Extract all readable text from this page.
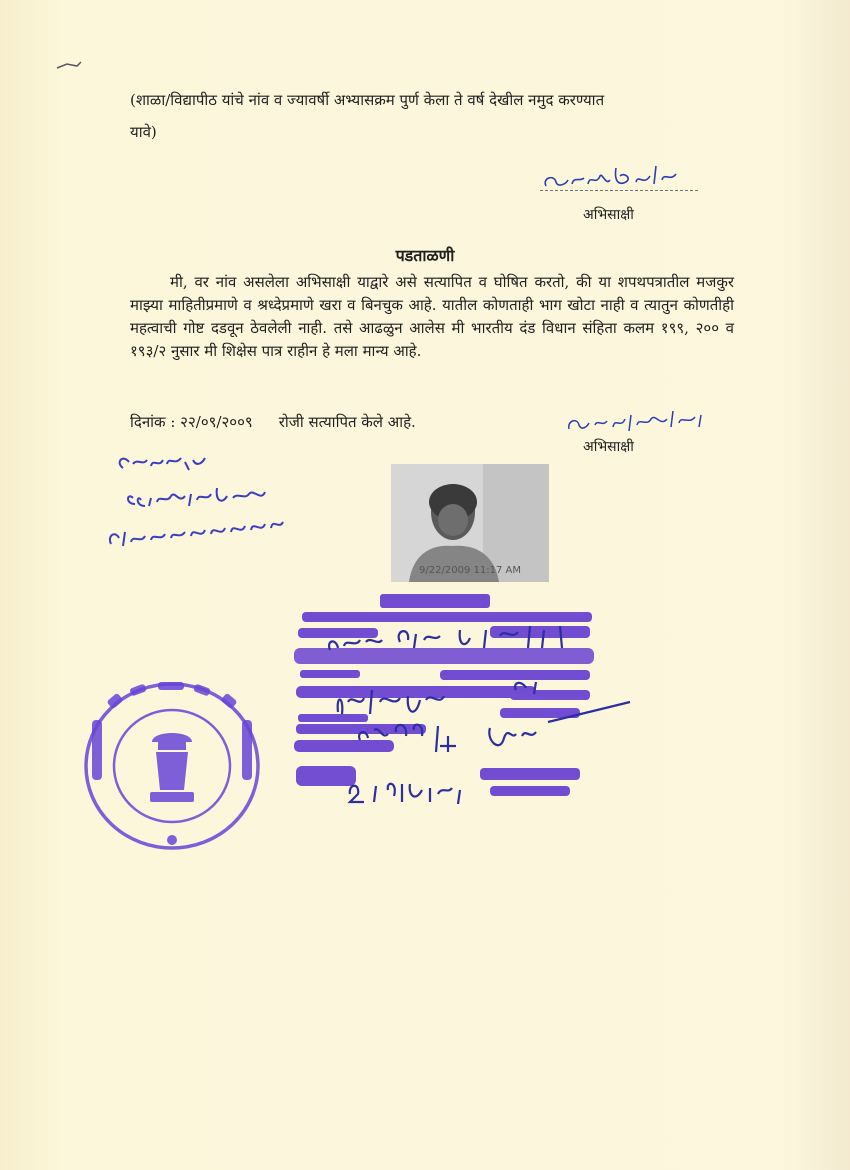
(शाळा/विद्यापीठ यांचे नांव व ज्यावर्षी अभ्यासक्रम पुर्ण केला ते वर्ष देखील नमुद करण्यात
यावे)
अभिसाक्षी
पडताळणी
मी, वर नांव असलेला अभिसाक्षी याद्वारे असे सत्यापित व घोषित करतो, की या शपथपत्रातील मजकुर माझ्या माहितीप्रमाणे व श्रध्देप्रमाणे खरा व बिनचुक आहे. यातील कोणताही भाग खोटा नाही व त्यातुन कोणतीही महत्वाची गोष्ट दडवून ठेवलेली नाही. तसे आढळुन आलेस मी भारतीय दंड विधान संहिता कलम १९९, २०० व १९३/२ नुसार मी शिक्षेस पात्र राहीन हे मला मान्य आहे.
दिनांक : २२/०९/२००९ रोजी सत्यापित केले आहे.
अभिसाक्षी
9/22/2009 11:17 AM
